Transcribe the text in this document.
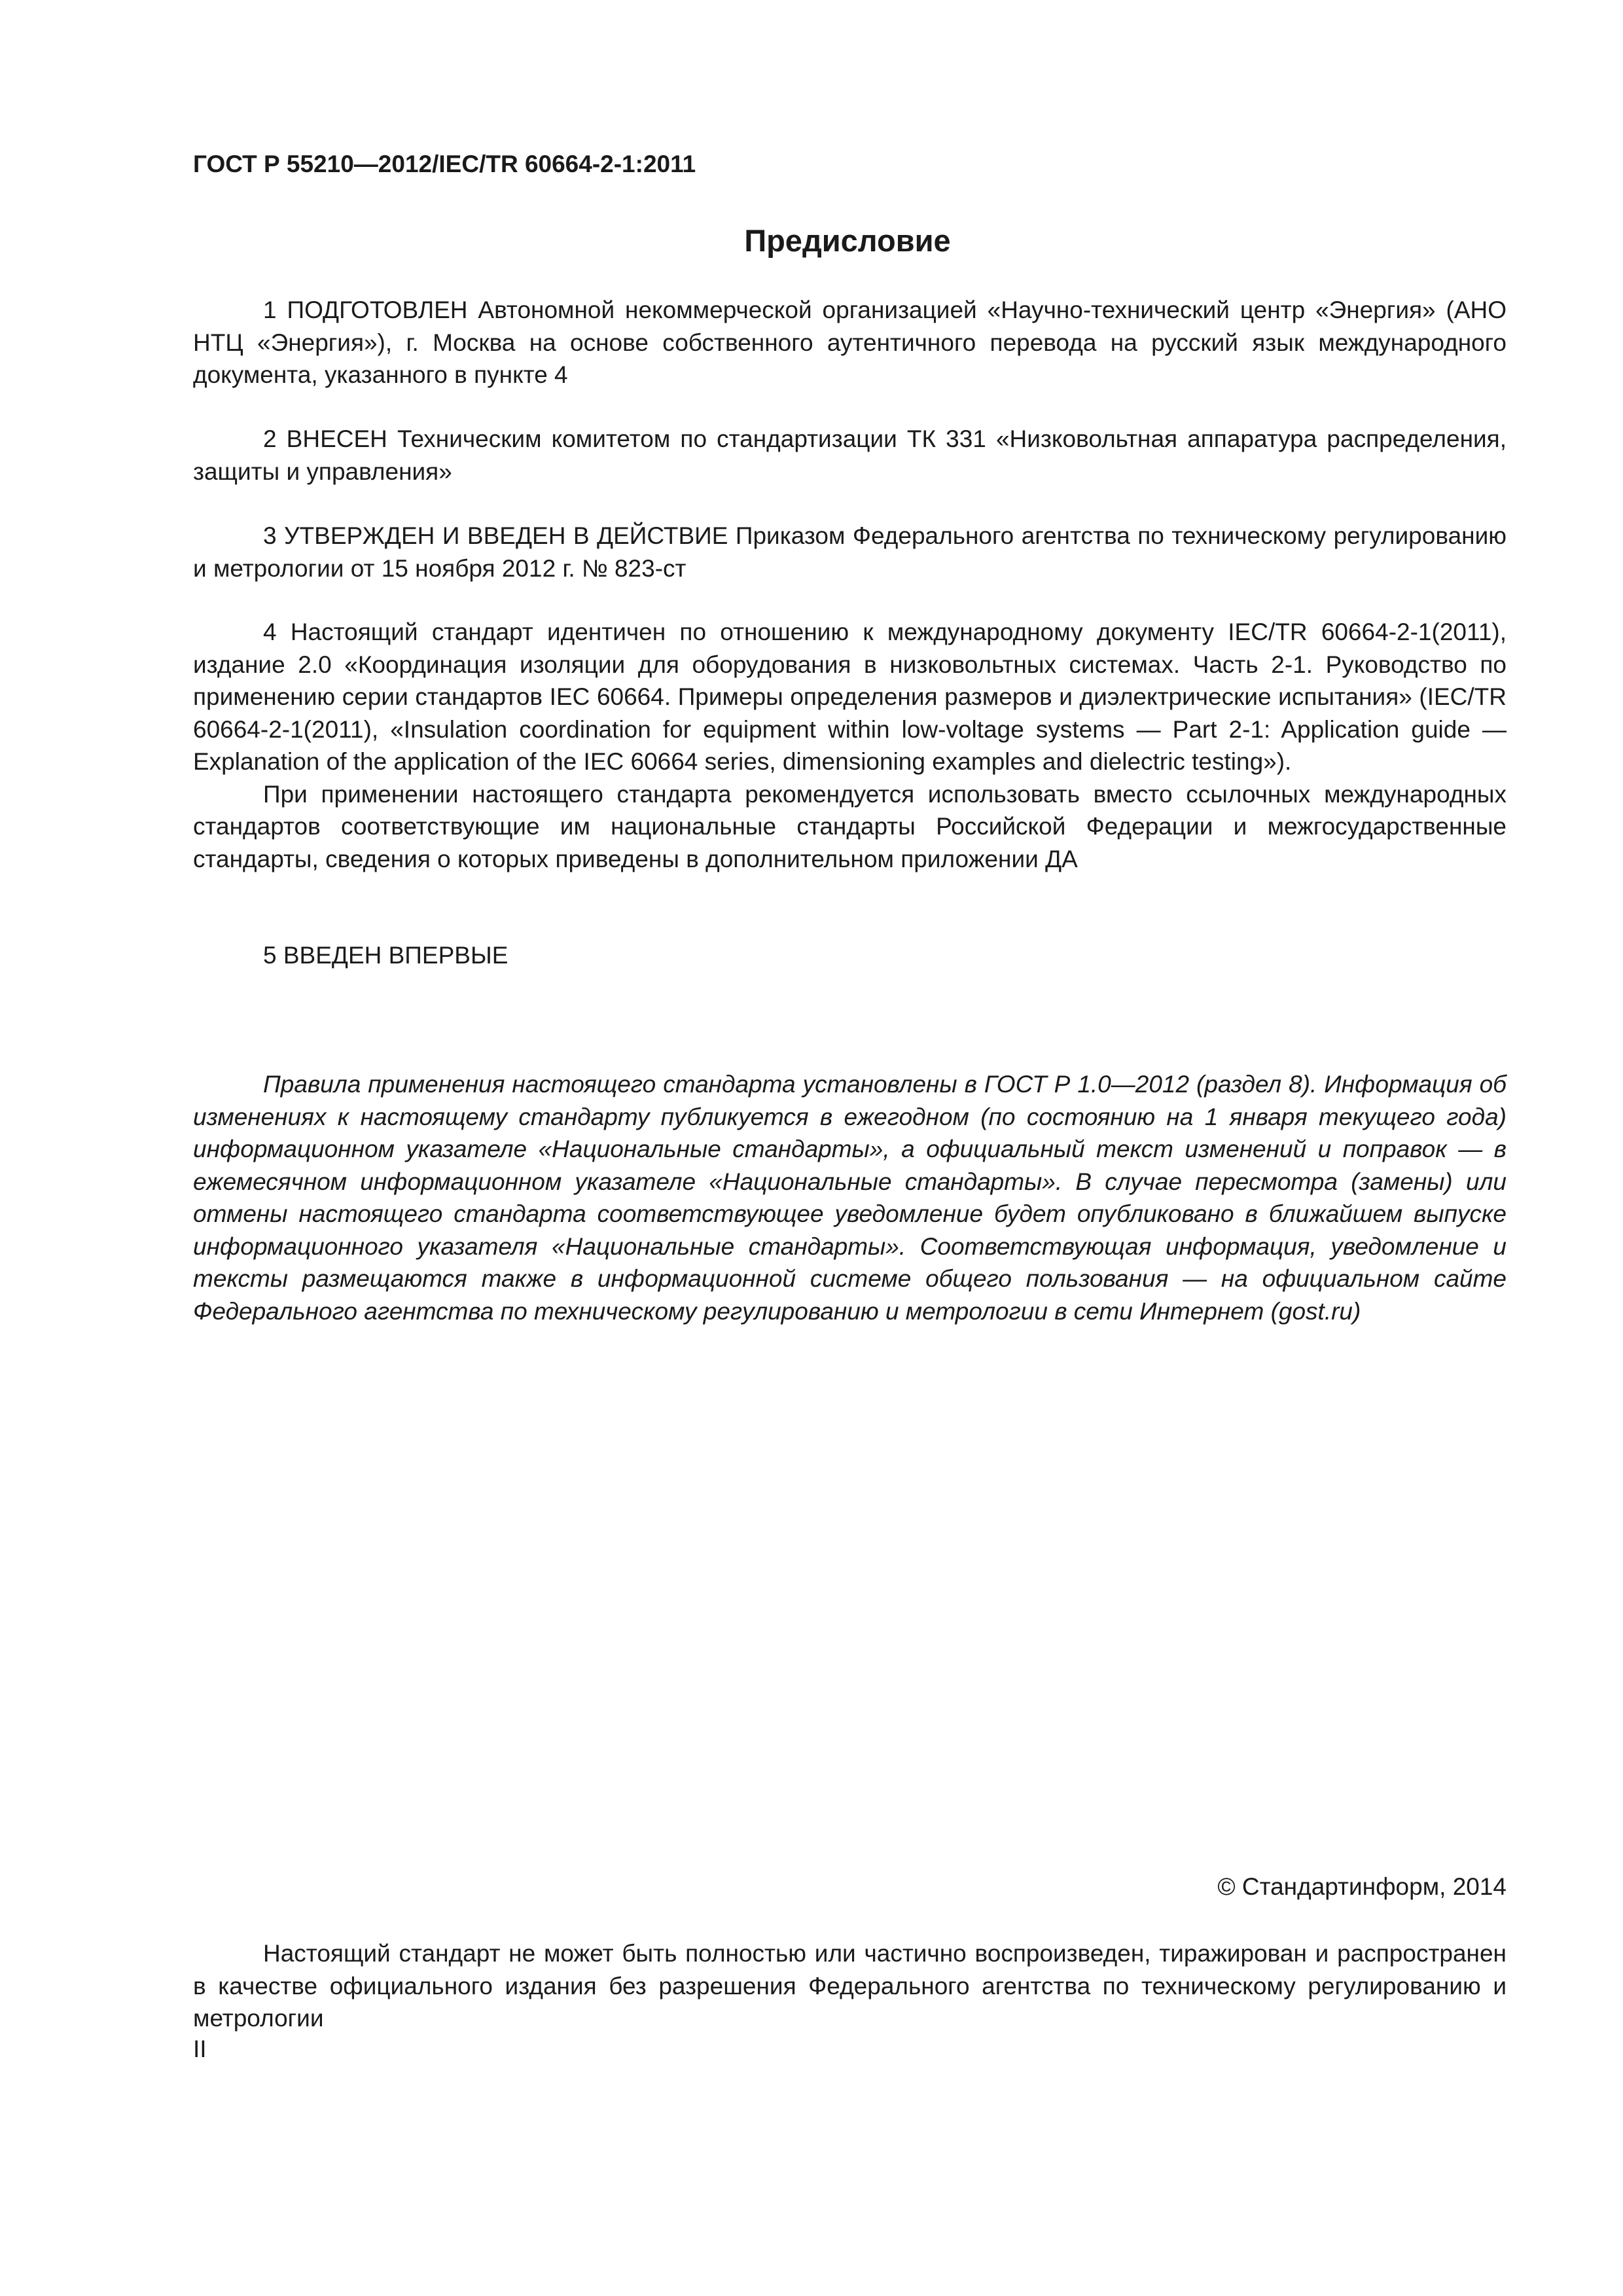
ГОСТ Р 55210—2012/IEC/TR 60664-2-1:2011
Предисловие

1 ПОДГОТОВЛЕН Автономной некоммерческой организацией «Научно-технический центр «Энергия» (АНО НТЦ «Энергия»), г. Москва на основе собственного аутентичного перевода на русский язык международного документа, указанного в пункте 4

2 ВНЕСЕН Техническим комитетом по стандартизации ТК 331 «Низковольтная аппаратура распределения, защиты и управления»

3 УТВЕРЖДЕН И ВВЕДЕН В ДЕЙСТВИЕ Приказом Федерального агентства по техническому регулированию и метрологии от 15 ноября 2012 г. № 823-ст

4 Настоящий стандарт идентичен по отношению к международному документу IEC/TR 60664-2-1(2011), издание 2.0 «Координация изоляции для оборудования в низковольтных системах. Часть 2-1. Руководство по применению серии стандартов IEC 60664. Примеры определения размеров и диэлектрические испытания» (IEC/TR 60664-2-1(2011), «Insulation coordination for equipment within low-voltage systems — Part 2-1: Application guide — Explanation of the application of the IEC 60664 series, dimensioning examples and dielectric testing»).

При применении настоящего стандарта рекомендуется использовать вместо ссылочных международных стандартов соответствующие им национальные стандарты Российской Федерации и межгосударственные стандарты, сведения о которых приведены в дополнительном приложении ДА

5 ВВЕДЕН ВПЕРВЫЕ

Правила применения настоящего стандарта установлены в ГОСТ Р 1.0—2012 (раздел 8). Информация об изменениях к настоящему стандарту публикуется в ежегодном (по состоянию на 1 января текущего года) информационном указателе «Национальные стандарты», а официальный текст изменений и поправок — в ежемесячном информационном указателе «Национальные стандарты». В случае пересмотра (замены) или отмены настоящего стандарта соответствующее уведомление будет опубликовано в ближайшем выпуске информационного указателя «Национальные стандарты». Соответствующая информация, уведомление и тексты размещаются также в информационной системе общего пользования — на официальном сайте Федерального агентства по техническому регулированию и метрологии в сети Интернет (gost.ru)

© Стандартинформ, 2014

Настоящий стандарт не может быть полностью или частично воспроизведен, тиражирован и распространен в качестве официального издания без разрешения Федерального агентства по техническому регулированию и метрологии

II
